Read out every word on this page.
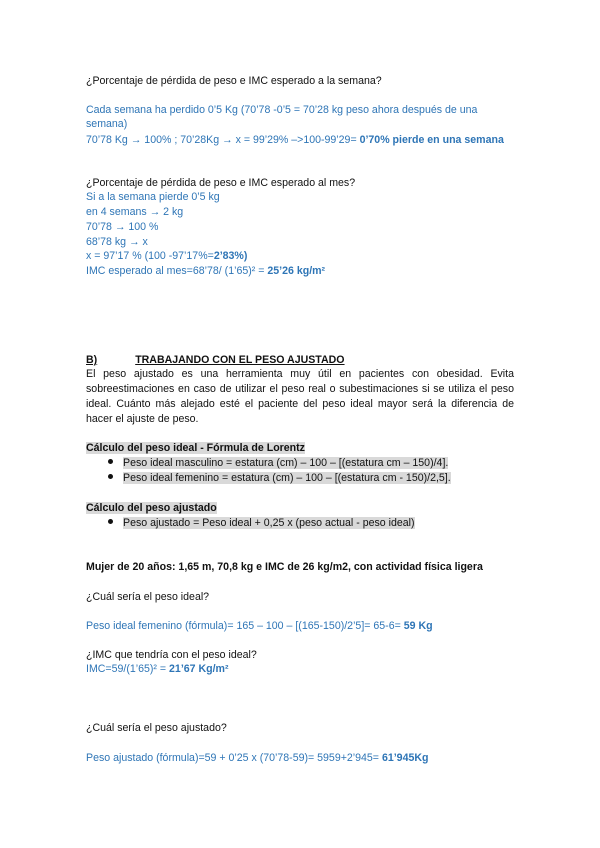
¿Porcentaje de pérdida de peso e IMC esperado a la semana?
Cada semana ha perdido 0’5 Kg (70’78 -0’5 = 70’28 kg peso ahora después de una
semana)
70’78 Kg → 100% ; 70’28Kg → x = 99’29% –>100-99’29= 0’70% pierde en una semana
¿Porcentaje de pérdida de peso e IMC esperado al mes?
Si a la semana pierde 0’5 kg
en 4 semans → 2 kg
70’78 → 100 %
68’78 kg → x
x = 97’17 % (100 -97’17%=2’83%)
IMC esperado al mes=68’78/ (1’65)² = 25’26 kg/m²
B)	TRABAJANDO CON EL PESO AJUSTADO
El peso ajustado es una herramienta muy útil en pacientes con obesidad. Evita sobreestimaciones en caso de utilizar el peso real o subestimaciones si se utiliza el peso ideal. Cuánto más alejado esté el paciente del peso ideal mayor será la diferencia de hacer el ajuste de peso.
Cálculo del peso ideal - Fórmula de Lorentz
Peso ideal masculino = estatura (cm) – 100 – [(estatura cm – 150)/4].
Peso ideal femenino = estatura (cm) – 100 – [(estatura cm - 150)/2,5].
Cálculo del peso ajustado
Peso ajustado = Peso ideal + 0,25 x (peso actual - peso ideal)
Mujer de 20 años: 1,65 m, 70,8 kg e IMC de 26 kg/m2, con actividad física ligera
¿Cuál sería el peso ideal?
Peso ideal femenino (fórmula)= 165 – 100 – [(165-150)/2’5]= 65-6= 59 Kg
¿IMC que tendría con el peso ideal?
IMC=59/(1’65)² = 21’67 Kg/m²
¿Cuál sería el peso ajustado?
Peso ajustado (fórmula)=59 + 0’25 x (70’78-59)= 5959+2’945= 61’945Kg
